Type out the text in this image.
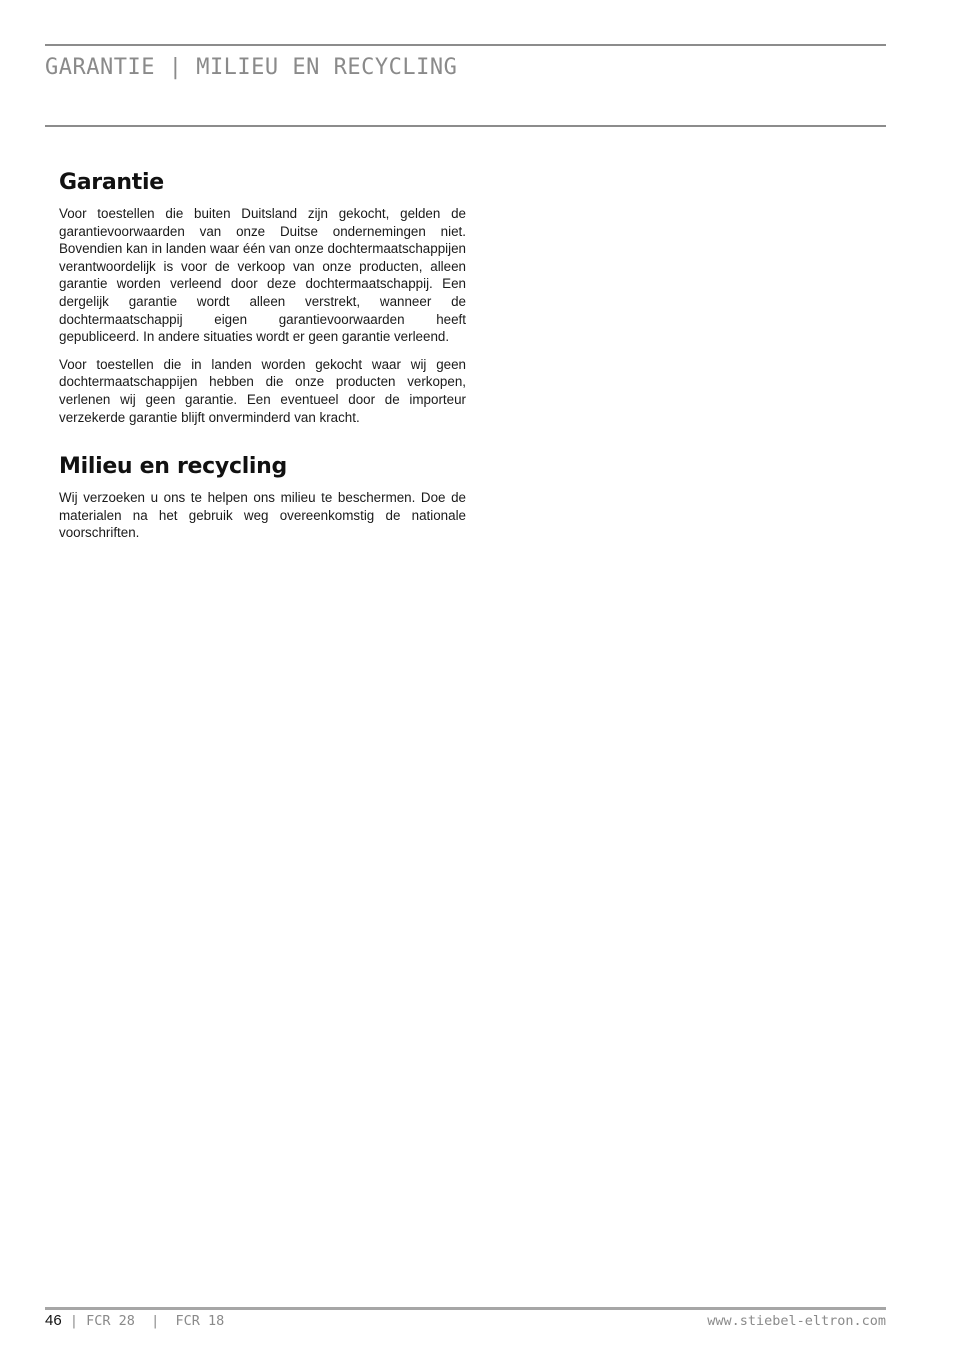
GARANTIE | MILIEU EN RECYCLING
Garantie

Voor toestellen die buiten Duitsland zijn gekocht, gelden de garantievoorwaarden van onze Duitse ondernemingen niet. Bovendien kan in landen waar één van onze dochtermaatschappijen verantwoordelijk is voor de verkoop van onze producten, alleen garantie worden verleend door deze dochtermaatschappij. Een dergelijk garantie wordt alleen verstrekt, wanneer de dochtermaatschappij eigen garantievoorwaarden heeft gepubliceerd. In andere situaties wordt er geen garantie verleend.

Voor toestellen die in landen worden gekocht waar wij geen dochtermaatschappijen hebben die onze producten verkopen, verlenen wij geen garantie. Een eventueel door de importeur verzekerde garantie blijft onverminderd van kracht.

Milieu en recycling

Wij verzoeken u ons te helpen ons milieu te beschermen. Doe de materialen na het gebruik weg overeenkomstig de nationale voorschriften.

46 | FCR 28  |  FCR 18	www.stiebel-eltron.com
